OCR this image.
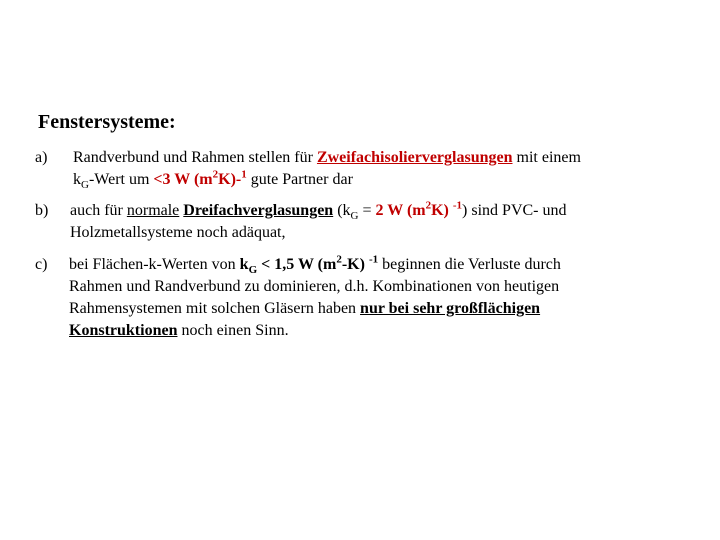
Fenstersysteme:
a) Randverbund und Rahmen stellen für Zweifachisolierverglasungen mit einem
$k_G$-Wert um <3 W $(m^2K)-^1$ gute Partner dar
b) auch für normale Dreifachverglasungen ($k_G = 2$ W $(m^2K)$ $^{-1}$) sind PVC- und
Holzmetallsysteme noch adäquat,
c) bei Flächen-k-Werten von $k_G < 1,5$ W $(m^2-K)$ $^{-1}$ beginnen die Verluste durch
Rahmen und Randverbund zu dominieren, d.h. Kombinationen von heutigen
Rahmensystemen mit solchen Gläsern haben nur bei sehr großflächigen
Konstruktionen noch einen Sinn.
